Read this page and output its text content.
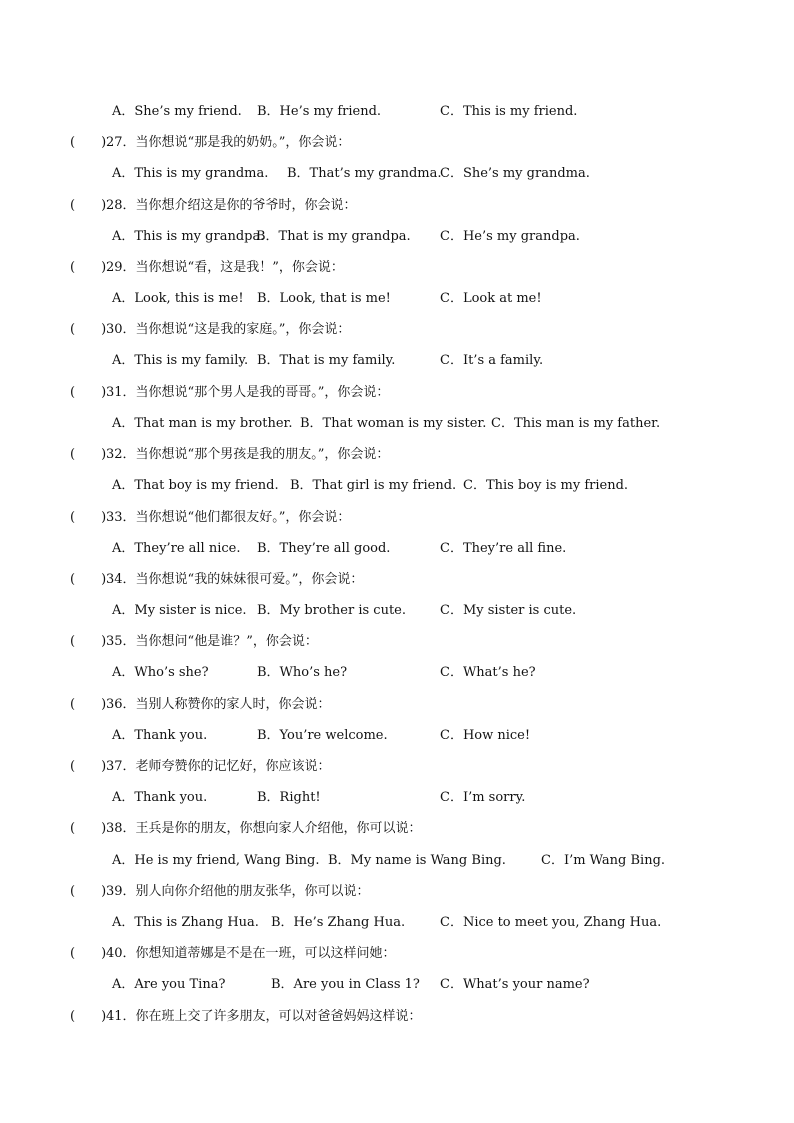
A．She’s my friend. B．He’s my friend.	C．This is my friend.
(　　) 27．当你想说“那是我的奶奶。”，你会说：
A．This is my grandma. B．That’s my grandma.
C．She’s my grandma.
(　　) 28．当你想介绍这是你的爷爷时，你会说：
A．This is my grandpa.
B．That is my grandpa. C．He’s my grandpa.
(　　) 29．当你想说“看，这是我！”，你会说：
A．Look, this is me! B．Look, that is me!	C．Look at me!
(　　) 30．当你想说“这是我的家庭。”，你会说：
A．This is my family. B．That is my family.	C．It’s a family.
(　　) 31．当你想说“那个男人是我的哥哥。”，你会说：
A．That man is my brother. B．That woman is my sister. C．This man is my father.
(　　) 32．当你想说“那个男孩是我的朋友。”，你会说：
A．That boy is my friend. B．That girl is my friend. C．This boy is my friend.
(　　) 33．当你想说“他们都很友好。”，你会说：
A．They’re all nice. B．They’re all good.	C．They’re all fine.
(　　) 34．当你想说“我的妹妹很可爱。”，你会说：
A．My sister is nice. B．My brother is cute.	C．My sister is cute.
(　　) 35．当你想问“他是谁？”，你会说：
A．Who’s she?	B．Who’s he?	C．What’s he?
(　　) 36．当别人称赞你的家人时，你会说：
A．Thank you.	B．You’re welcome.	C．How nice!
(　　) 37．老师夸赞你的记忆好，你应该说：
A．Thank you.	B．Right!	C．I’m sorry.
(　　) 38．王兵是你的朋友，你想向家人介绍他，你可以说：
A．He is my friend, Wang Bing. B．My name is Wang Bing.	C．I’m Wang Bing.
(　　) 39．别人向你介绍他的朋友张华，你可以说：
A．This is Zhang Hua. B．He’s Zhang Hua.	C．Nice to meet you, Zhang Hua.
(　　) 40．你想知道蒂娜是不是在一班，可以这样问她：
A．Are you Tina?	B．Are you in Class 1? C．What’s your name?
(　　) 41．你在班上交了许多朋友，可以对爸爸妈妈这样说：
